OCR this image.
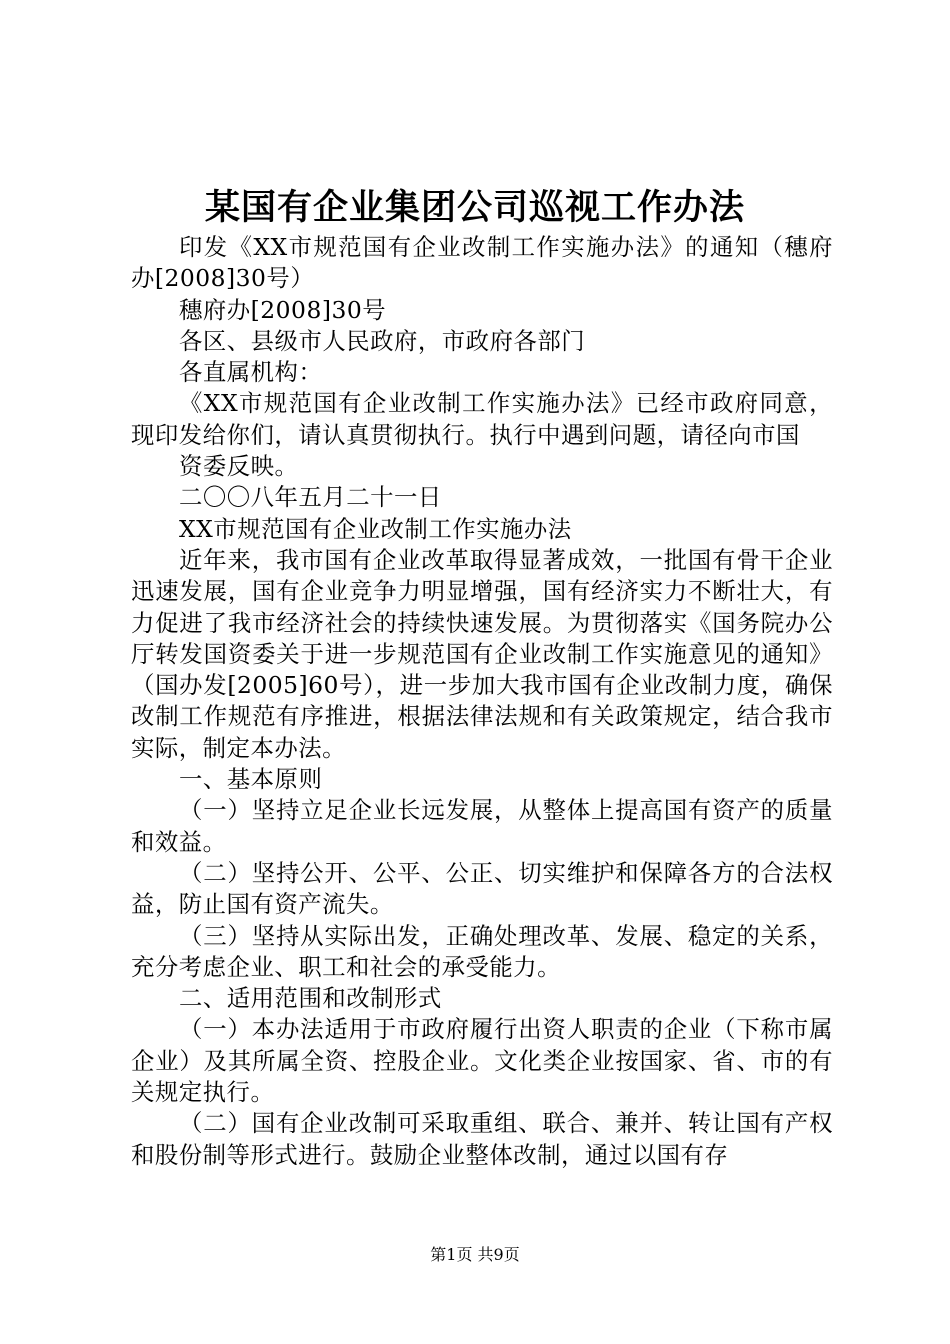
某国有企业集团公司巡视工作办法

印发《XX市规范国有企业改制工作实施办法》的通知（穗府办[2008]30号）

穗府办[2008]30号

各区、县级市人民政府，市政府各部门

各直属机构：

《XX市规范国有企业改制工作实施办法》已经市政府同意，现印发给你们，请认真贯彻执行。执行中遇到问题，请径向市国

资委反映。

二〇〇八年五月二十一日

XX市规范国有企业改制工作实施办法

近年来，我市国有企业改革取得显著成效，一批国有骨干企业迅速发展，国有企业竞争力明显增强，国有经济实力不断壮大，有力促进了我市经济社会的持续快速发展。为贯彻落实《国务院办公厅转发国资委关于进一步规范国有企业改制工作实施意见的通知》（国办发[2005]60号），进一步加大我市国有企业改制力度，确保改制工作规范有序推进，根据法律法规和有关政策规定，结合我市实际，制定本办法。

一、基本原则

（一）坚持立足企业长远发展，从整体上提高国有资产的质量和效益。

（二）坚持公开、公平、公正、切实维护和保障各方的合法权益，防止国有资产流失。

（三）坚持从实际出发，正确处理改革、发展、稳定的关系，充分考虑企业、职工和社会的承受能力。

二、适用范围和改制形式

（一）本办法适用于市政府履行出资人职责的企业（下称市属企业）及其所属全资、控股企业。文化类企业按国家、省、市的有关规定执行。

（二）国有企业改制可采取重组、联合、兼并、转让国有产权和股份制等形式进行。鼓励企业整体改制，通过以国有存

第1页 共9页
